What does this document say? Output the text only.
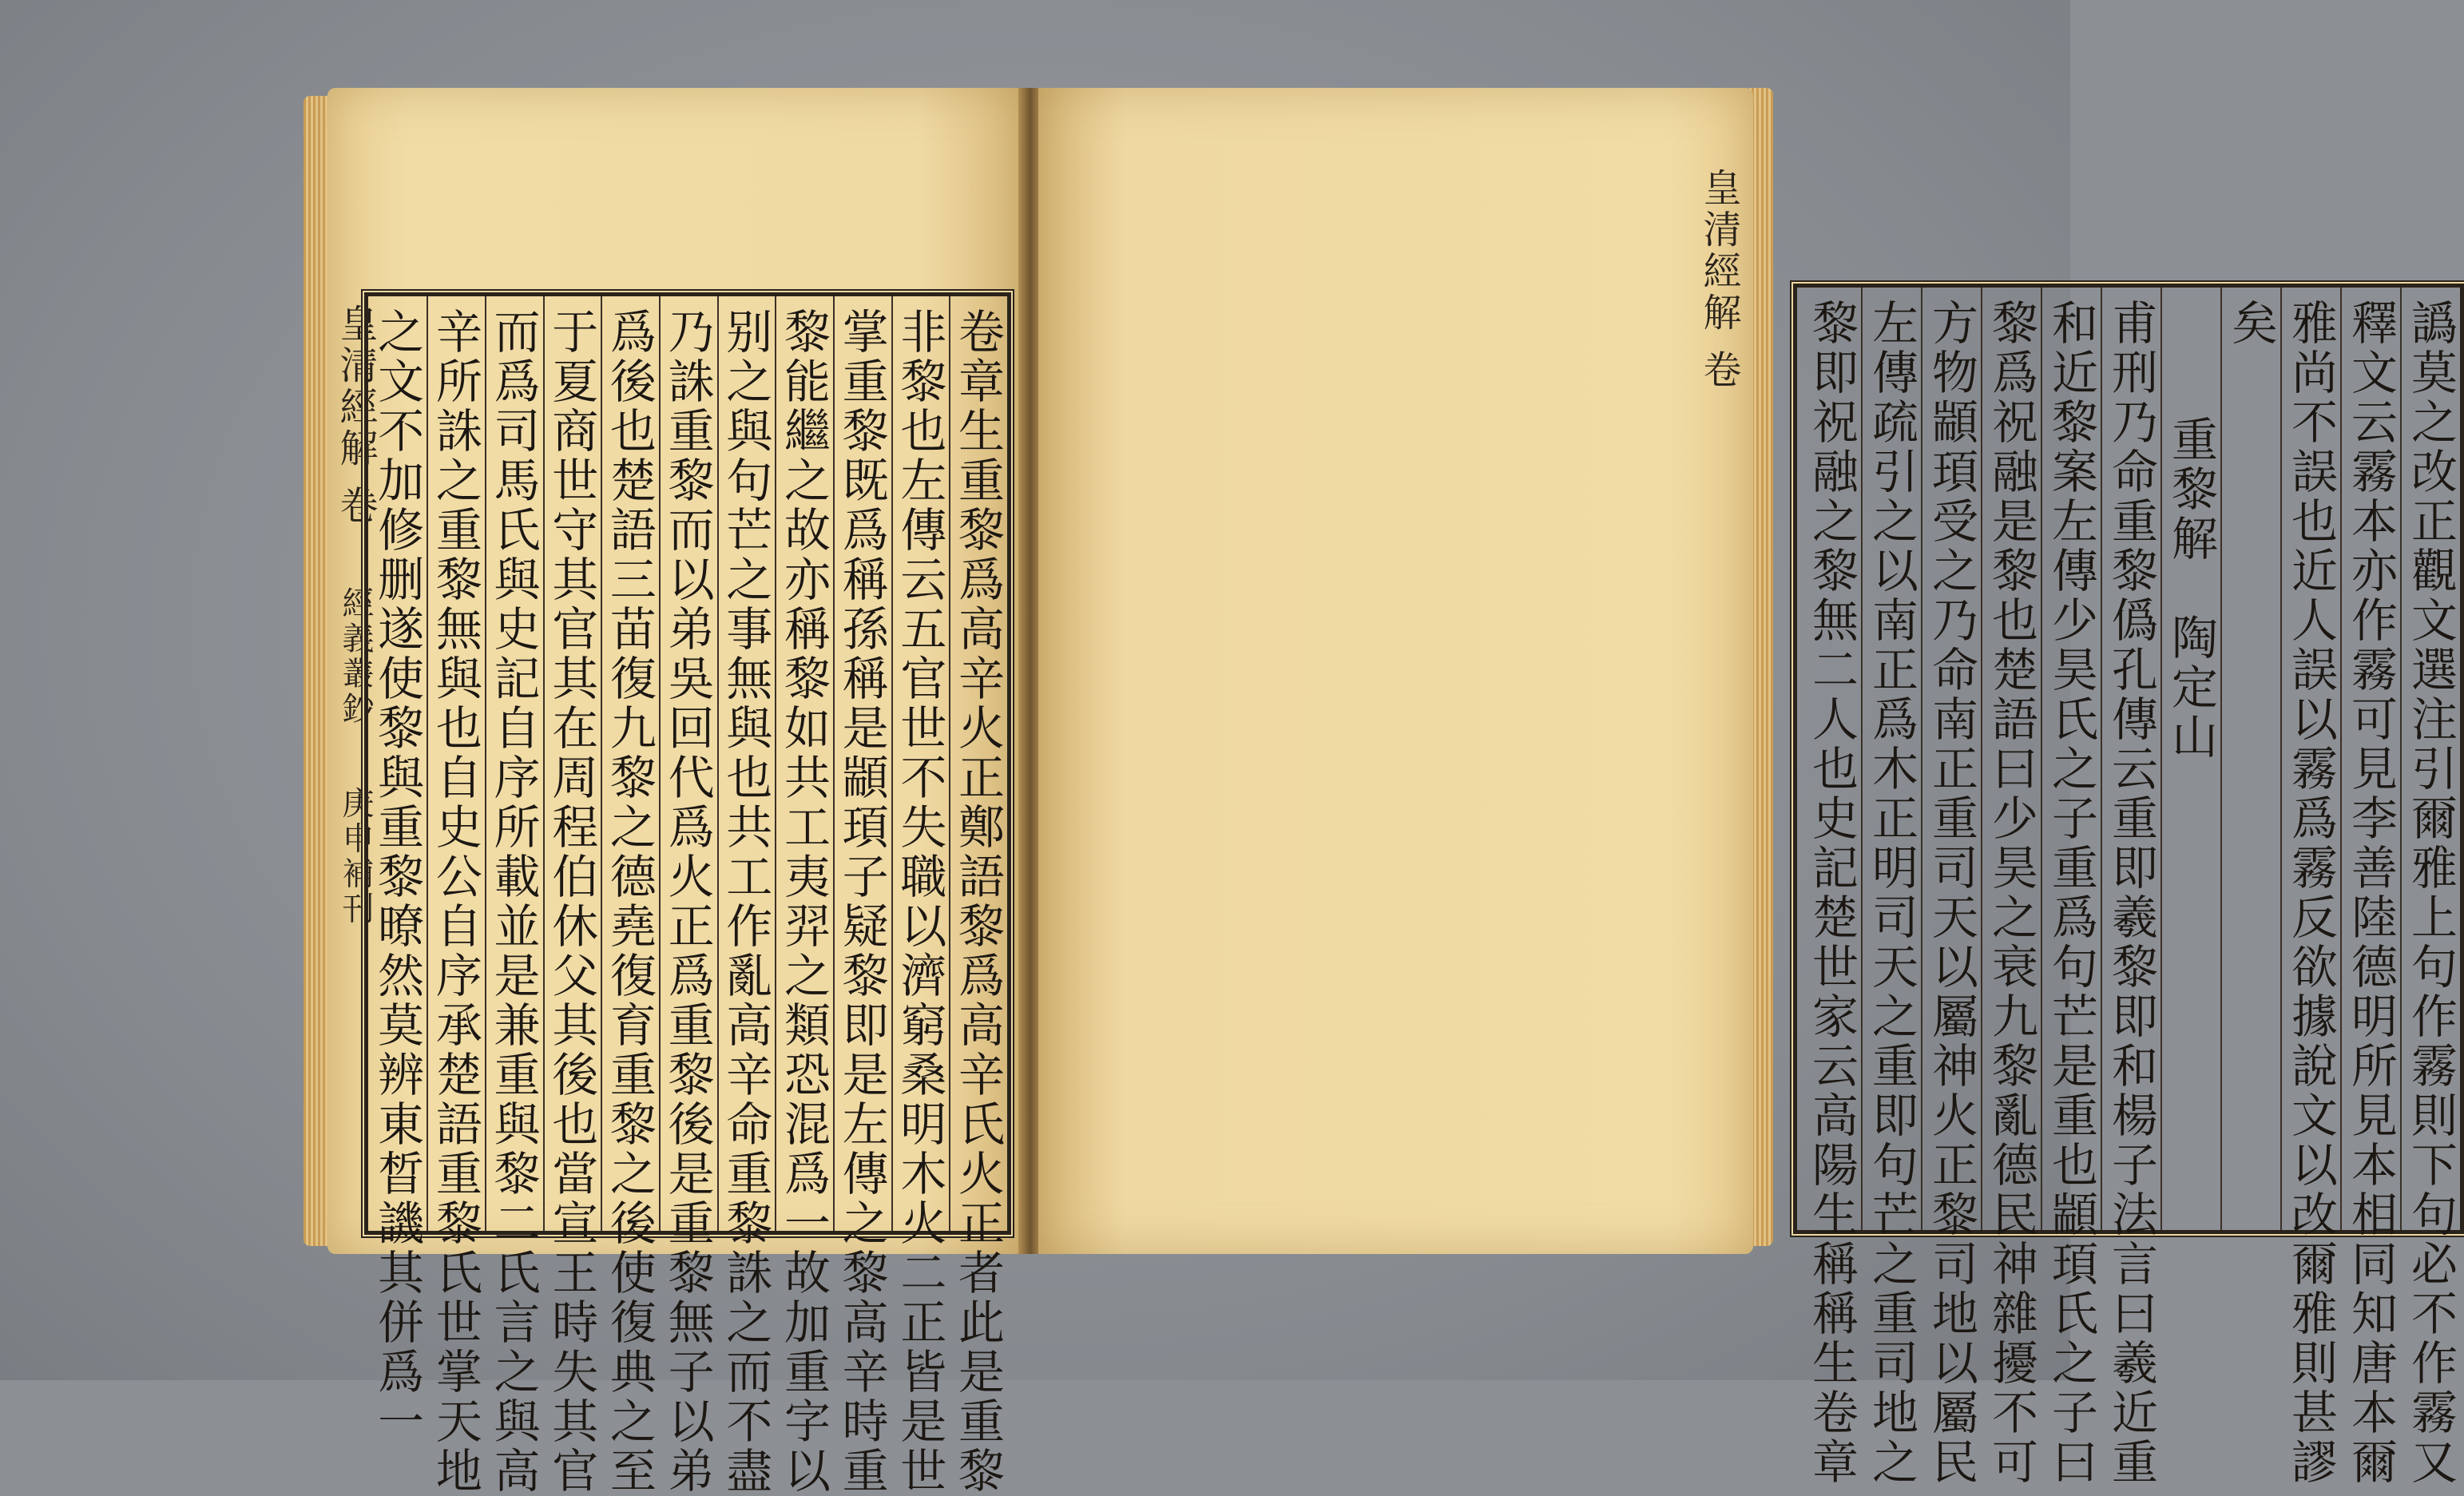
皇清經解 卷  經義叢鈔  庚申補刊	卷章生重黎爲高辛火正鄭語黎爲高辛氏火正者此是重黎
非黎也左傳云五官世不失職以濟窮桑明木火二正皆是世
掌重黎既爲稱孫稱是顓頊子疑黎即是左傳之黎高辛時重
黎能繼之故亦稱黎如共工夷羿之類恐混爲一故加重字以
别之與句芒之事無與也共工作亂高辛命重黎誅之而不盡
乃誅重黎而以弟吳回代爲火正爲重黎後是重黎無子以弟
爲後也楚語三苗復九黎之德堯復育重黎之後使復典之至
于夏商世守其官其在周程伯休父其後也當宣王時失其官
而爲司馬氏與史記自序所載並是兼重與黎二氏言之與高
辛所誅之重黎無與也自史公自序承楚語重黎氏世掌天地
之文不加修删遂使黎與重黎暸然莫辨東晳譏其併爲一
皇清經解 卷	譌莫之改正觀文選注引爾雅上句作霧則下句必不作霧又
釋文云霧本亦作霧可見李善陸德明所見本相同知唐本爾
雅尚不誤也近人誤以霧爲霧反欲據說文以改爾雅則甚謬
矣
重黎解　陶定山
甫刑乃命重黎僞孔傳云重即羲黎即和楊子法言曰羲近重
和近黎案左傳少昊氏之子重爲句芒是重也顓頊氏之子曰
黎爲祝融是黎也楚語曰少昊之衰九黎亂德民神雜擾不可
方物顓頊受之乃命南正重司天以屬神火正黎司地以屬民
左傳疏引之以南正爲木正明司天之重即句芒之重司地之
黎即祝融之黎無二人也史記楚世家云高陽生稱稱生卷章
